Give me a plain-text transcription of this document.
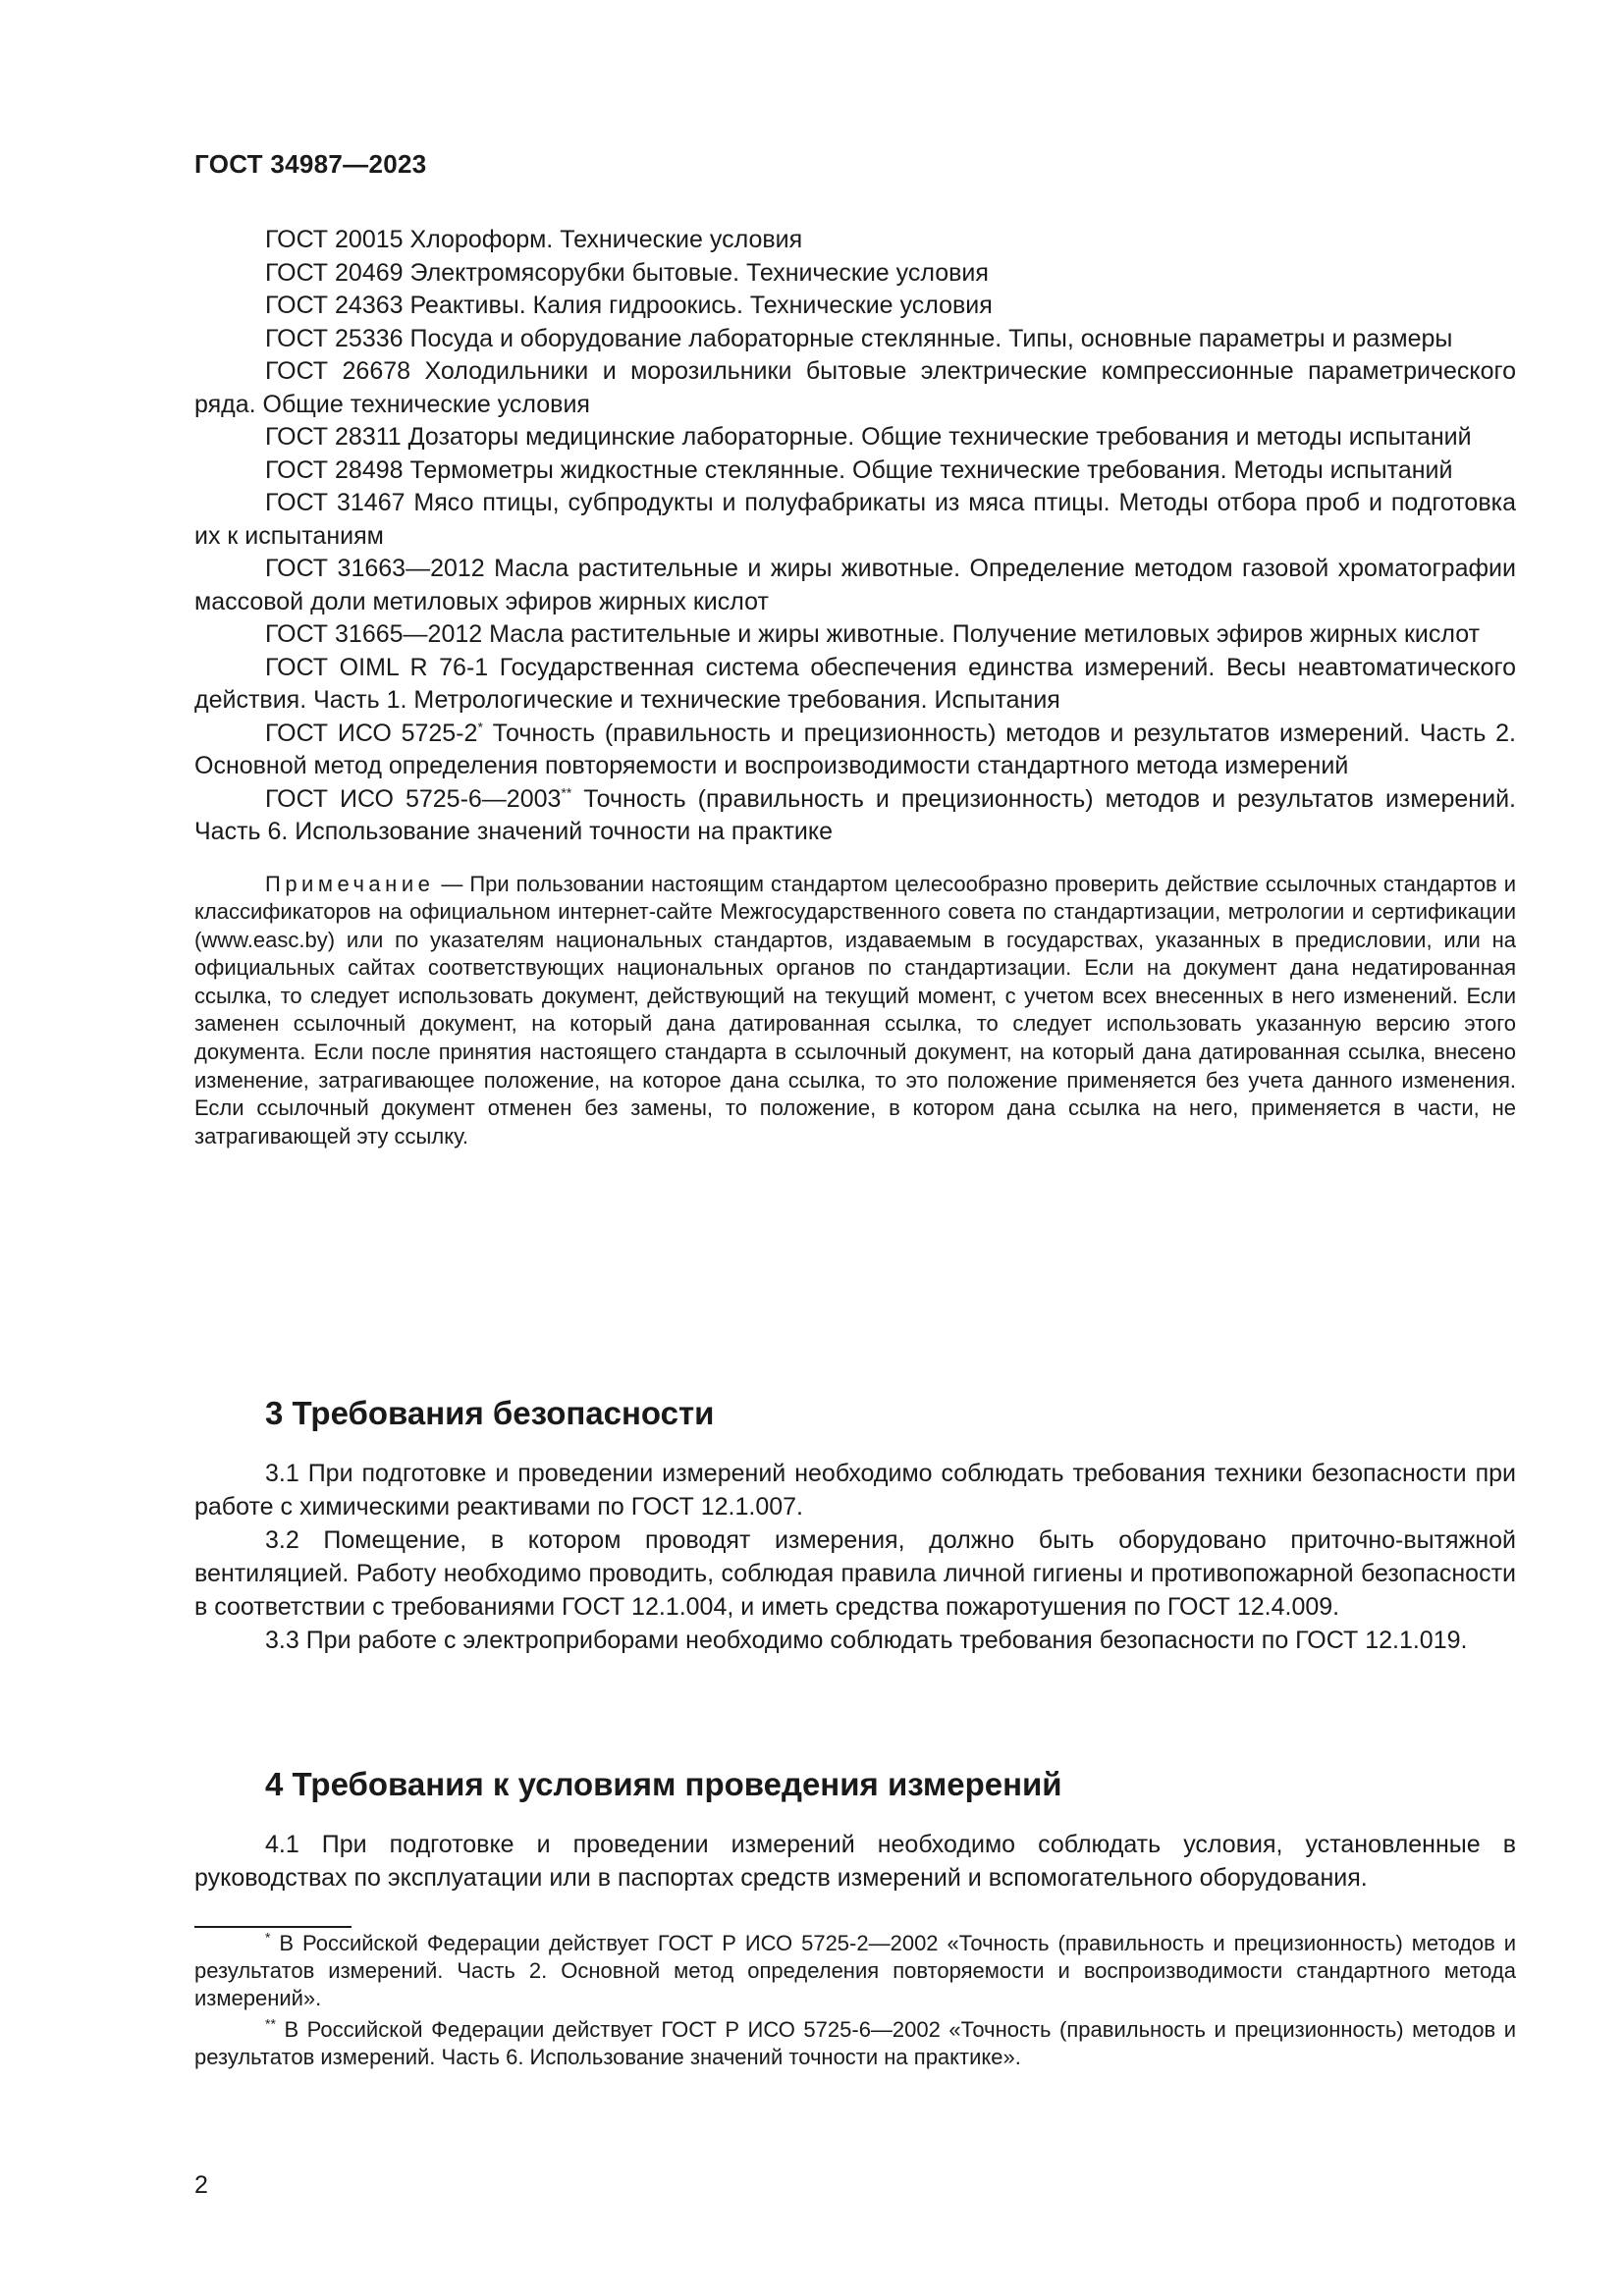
ГОСТ 34987—2023

ГОСТ 20015 Хлороформ. Технические условия

ГОСТ 20469 Электромясорубки бытовые. Технические условия

ГОСТ 24363 Реактивы. Калия гидроокись. Технические условия

ГОСТ 25336 Посуда и оборудование лабораторные стеклянные. Типы, основные параметры и размеры

ГОСТ 26678 Холодильники и морозильники бытовые электрические компрессионные параметрического ряда. Общие технические условия

ГОСТ 28311 Дозаторы медицинские лабораторные. Общие технические требования и методы испытаний

ГОСТ 28498 Термометры жидкостные стеклянные. Общие технические требования. Методы испытаний

ГОСТ 31467 Мясо птицы, субпродукты и полуфабрикаты из мяса птицы. Методы отбора проб и подготовка их к испытаниям

ГОСТ 31663—2012 Масла растительные и жиры животные. Определение методом газовой хроматографии массовой доли метиловых эфиров жирных кислот

ГОСТ 31665—2012 Масла растительные и жиры животные. Получение метиловых эфиров жирных кислот

ГОСТ OIML R 76-1 Государственная система обеспечения единства измерений. Весы неавтоматического действия. Часть 1. Метрологические и технические требования. Испытания

ГОСТ ИСО 5725-2* Точность (правильность и прецизионность) методов и результатов измерений. Часть 2. Основной метод определения повторяемости и воспроизводимости стандартного метода измерений

ГОСТ ИСО 5725-6—2003** Точность (правильность и прецизионность) методов и результатов измерений. Часть 6. Использование значений точности на практике

Примечание — При пользовании настоящим стандартом целесообразно проверить действие ссылочных стандартов и классификаторов на официальном интернет-сайте Межгосударственного совета по стандартизации, метрологии и сертификации (www.easc.by) или по указателям национальных стандартов, издаваемым в государствах, указанных в предисловии, или на официальных сайтах соответствующих национальных органов по стандартизации. Если на документ дана недатированная ссылка, то следует использовать документ, действующий на текущий момент, с учетом всех внесенных в него изменений. Если заменен ссылочный документ, на который дана датированная ссылка, то следует использовать указанную версию этого документа. Если после принятия настоящего стандарта в ссылочный документ, на который дана датированная ссылка, внесено изменение, затрагивающее положение, на которое дана ссылка, то это положение применяется без учета данного изменения. Если ссылочный документ отменен без замены, то положение, в котором дана ссылка на него, применяется в части, не затрагивающей эту ссылку.

3 Требования безопасности

3.1 При подготовке и проведении измерений необходимо соблюдать требования техники безопасности при работе с химическими реактивами по ГОСТ 12.1.007.

3.2 Помещение, в котором проводят измерения, должно быть оборудовано приточно-вытяжной вентиляцией. Работу необходимо проводить, соблюдая правила личной гигиены и противопожарной безопасности в соответствии с требованиями ГОСТ 12.1.004, и иметь средства пожаротушения по ГОСТ 12.4.009.

3.3 При работе с электроприборами необходимо соблюдать требования безопасности по ГОСТ 12.1.019.

4 Требования к условиям проведения измерений

4.1 При подготовке и проведении измерений необходимо соблюдать условия, установленные в руководствах по эксплуатации или в паспортах средств измерений и вспомогательного оборудования.

* В Российской Федерации действует ГОСТ Р ИСО 5725-2—2002 «Точность (правильность и прецизионность) методов и результатов измерений. Часть 2. Основной метод определения повторяемости и воспроизводимости стандартного метода измерений».

** В Российской Федерации действует ГОСТ Р ИСО 5725-6—2002 «Точность (правильность и прецизионность) методов и результатов измерений. Часть 6. Использование значений точности на практике».

2
